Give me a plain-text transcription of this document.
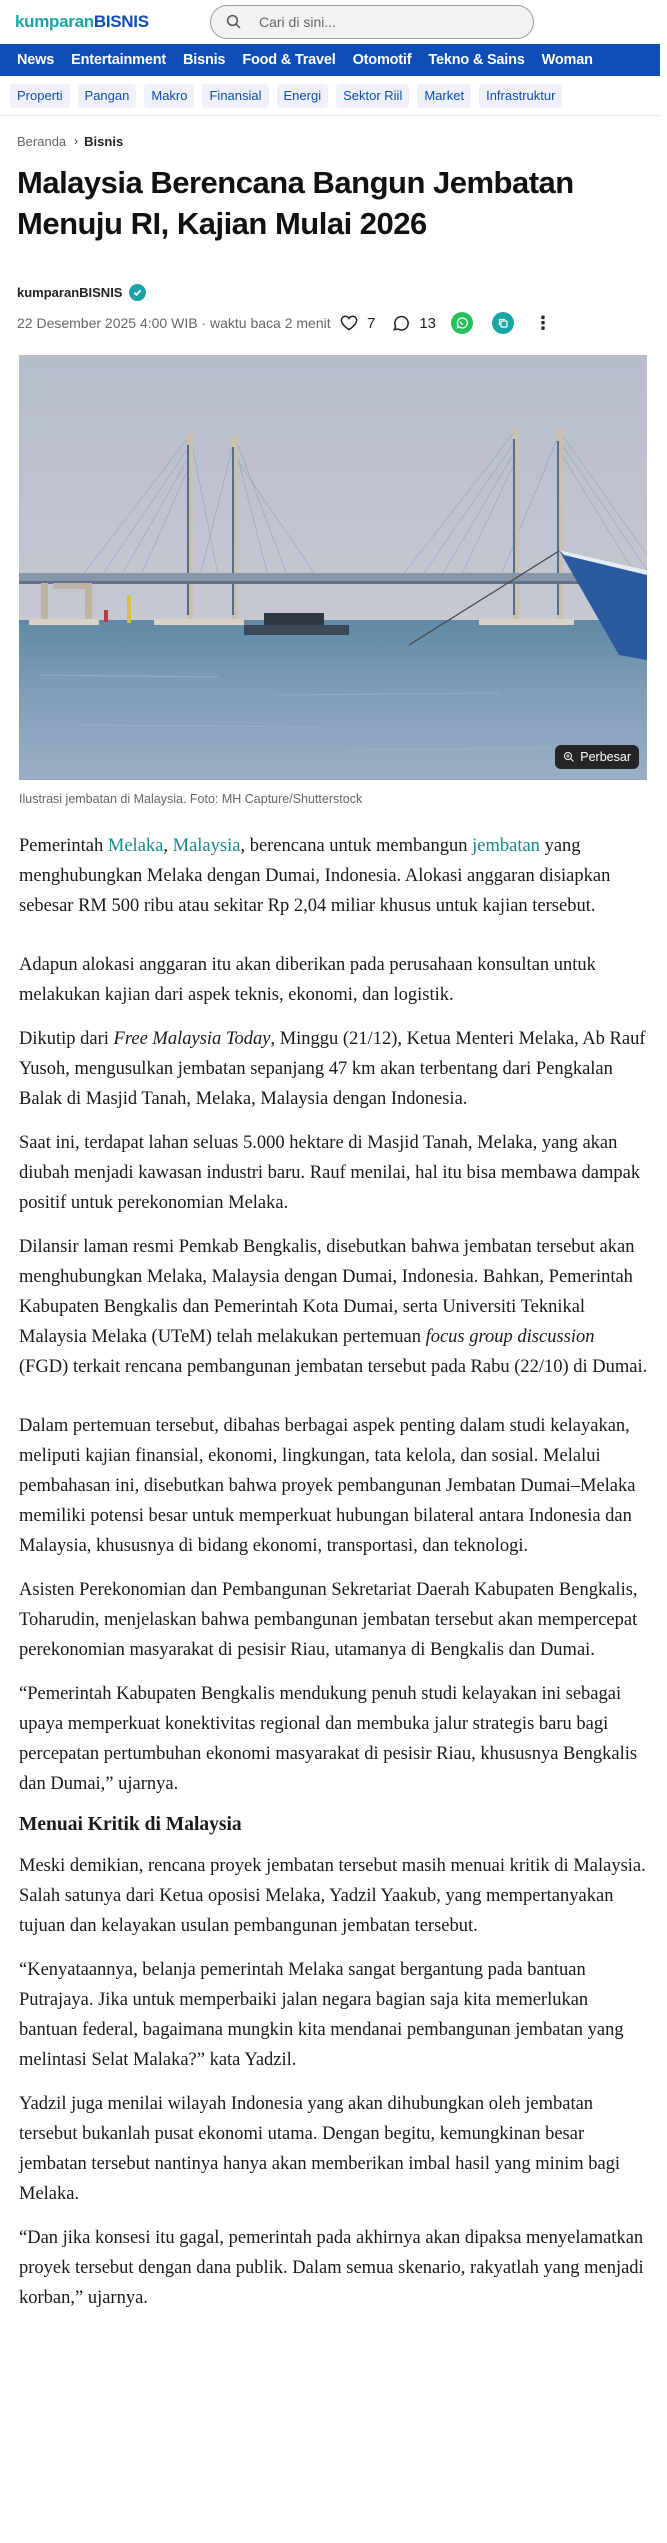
kumparanBISNIS
Cari di sini...
News Entertainment Bisnis Food & Travel Otomotif Tekno & Sains Woman
Properti	Pangan	Makro	Finansial	Energi	Sektor Riil	Market	Infrastruktur
Beranda › Bisnis
Malaysia Berencana Bangun Jembatan Menuju RI, Kajian Mulai 2026
kumparanBISNIS
22 Desember 2025 4:00 WIB · waktu baca 2 menit 7	13	⋮
Perbesar
Ilustrasi jembatan di Malaysia. Foto: MH Capture/Shutterstock

Pemerintah Melaka, Malaysia, berencana untuk membangun jembatan yang menghubungkan Melaka dengan Dumai, Indonesia. Alokasi anggaran disiapkan sebesar RM 500 ribu atau sekitar Rp 2,04 miliar khusus untuk kajian tersebut.

Adapun alokasi anggaran itu akan diberikan pada perusahaan konsultan untuk melakukan kajian dari aspek teknis, ekonomi, dan logistik.

Dikutip dari Free Malaysia Today, Minggu (21/12), Ketua Menteri Melaka, Ab Rauf Yusoh, mengusulkan jembatan sepanjang 47 km akan terbentang dari Pengkalan Balak di Masjid Tanah, Melaka, Malaysia dengan Indonesia.

Saat ini, terdapat lahan seluas 5.000 hektare di Masjid Tanah, Melaka, yang akan diubah menjadi kawasan industri baru. Rauf menilai, hal itu bisa membawa dampak positif untuk perekonomian Melaka.

Dilansir laman resmi Pemkab Bengkalis, disebutkan bahwa jembatan tersebut akan menghubungkan Melaka, Malaysia dengan Dumai, Indonesia. Bahkan, Pemerintah Kabupaten Bengkalis dan Pemerintah Kota Dumai, serta Universiti Teknikal Malaysia Melaka (UTeM) telah melakukan pertemuan focus group discussion (FGD) terkait rencana pembangunan jembatan tersebut pada Rabu (22/10) di Dumai.

Dalam pertemuan tersebut, dibahas berbagai aspek penting dalam studi kelayakan, meliputi kajian finansial, ekonomi, lingkungan, tata kelola, dan sosial. Melalui pembahasan ini, disebutkan bahwa proyek pembangunan Jembatan Dumai–Melaka memiliki potensi besar untuk memperkuat hubungan bilateral antara Indonesia dan Malaysia, khususnya di bidang ekonomi, transportasi, dan teknologi.

Asisten Perekonomian dan Pembangunan Sekretariat Daerah Kabupaten Bengkalis, Toharudin, menjelaskan bahwa pembangunan jembatan tersebut akan mempercepat perekonomian masyarakat di pesisir Riau, utamanya di Bengkalis dan Dumai.

“Pemerintah Kabupaten Bengkalis mendukung penuh studi kelayakan ini sebagai upaya memperkuat konektivitas regional dan membuka jalur strategis baru bagi percepatan pertumbuhan ekonomi masyarakat di pesisir Riau, khususnya Bengkalis dan Dumai,” ujarnya.

Menuai Kritik di Malaysia

Meski demikian, rencana proyek jembatan tersebut masih menuai kritik di Malaysia. Salah satunya dari Ketua oposisi Melaka, Yadzil Yaakub, yang mempertanyakan tujuan dan kelayakan usulan pembangunan jembatan tersebut.

“Kenyataannya, belanja pemerintah Melaka sangat bergantung pada bantuan Putrajaya. Jika untuk memperbaiki jalan negara bagian saja kita memerlukan bantuan federal, bagaimana mungkin kita mendanai pembangunan jembatan yang melintasi Selat Malaka?” kata Yadzil.

Yadzil juga menilai wilayah Indonesia yang akan dihubungkan oleh jembatan tersebut bukanlah pusat ekonomi utama. Dengan begitu, kemungkinan besar jembatan tersebut nantinya hanya akan memberikan imbal hasil yang minim bagi Melaka.

“Dan jika konsesi itu gagal, pemerintah pada akhirnya akan dipaksa menyelamatkan proyek tersebut dengan dana publik. Dalam semua skenario, rakyatlah yang menjadi korban,” ujarnya.
